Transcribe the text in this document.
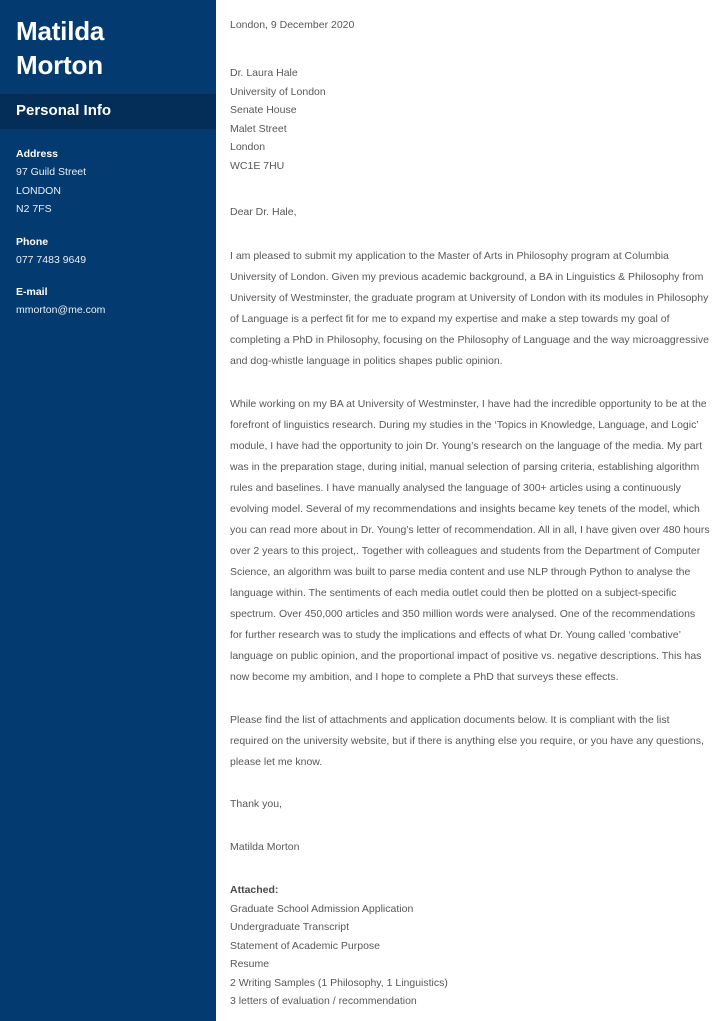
Matilda
Morton
Personal Info
Address
97 Guild Street
LONDON
N2 7FS
Phone
077 7483 9649
E-mail
mmorton@me.com
London, 9 December 2020
Dr. Laura Hale
University of London
Senate House
Malet Street
London
WC1E 7HU
Dear Dr. Hale,

I am pleased to submit my application to the Master of Arts in Philosophy program at Columbia University of London. Given my previous academic background, a BA in Linguistics & Philosophy from University of Westminster, the graduate program at University of London with its modules in Philosophy of Language is a perfect fit for me to expand my expertise and make a step towards my goal of completing a PhD in Philosophy, focusing on the Philosophy of Language and the way microaggressive and dog-whistle language in politics shapes public opinion.

While working on my BA at University of Westminster, I have had the incredible opportunity to be at the forefront of linguistics research. During my studies in the ‘Topics in Knowledge, Language, and Logic’ module, I have had the opportunity to join Dr. Young’s research on the language of the media. My part was in the preparation stage, during initial, manual selection of parsing criteria, establishing algorithm rules and baselines. I have manually analysed the language of 300+ articles using a continuously evolving model. Several of my recommendations and insights became key tenets of the model, which you can read more about in Dr. Young’s letter of recommendation. All in all, I have given over 480 hours over 2 years to this project,. Together with colleagues and students from the Department of Computer Science, an algorithm was built to parse media content and use NLP through Python to analyse the language within. The sentiments of each media outlet could then be plotted on a subject-specific spectrum. Over 450,000 articles and 350 million words were analysed. One of the recommendations for further research was to study the implications and effects of what Dr. Young called ‘combative’ language on public opinion, and the proportional impact of positive vs. negative descriptions. This has now become my ambition, and I hope to complete a PhD that surveys these effects.

Please find the list of attachments and application documents below. It is compliant with the list required on the university website, but if there is anything else you require, or you have any questions, please let me know.

Thank you,
Matilda Morton
Attached:
Graduate School Admission Application
Undergraduate Transcript
Statement of Academic Purpose
Resume
2 Writing Samples (1 Philosophy, 1 Linguistics)
3 letters of evaluation / recommendation
